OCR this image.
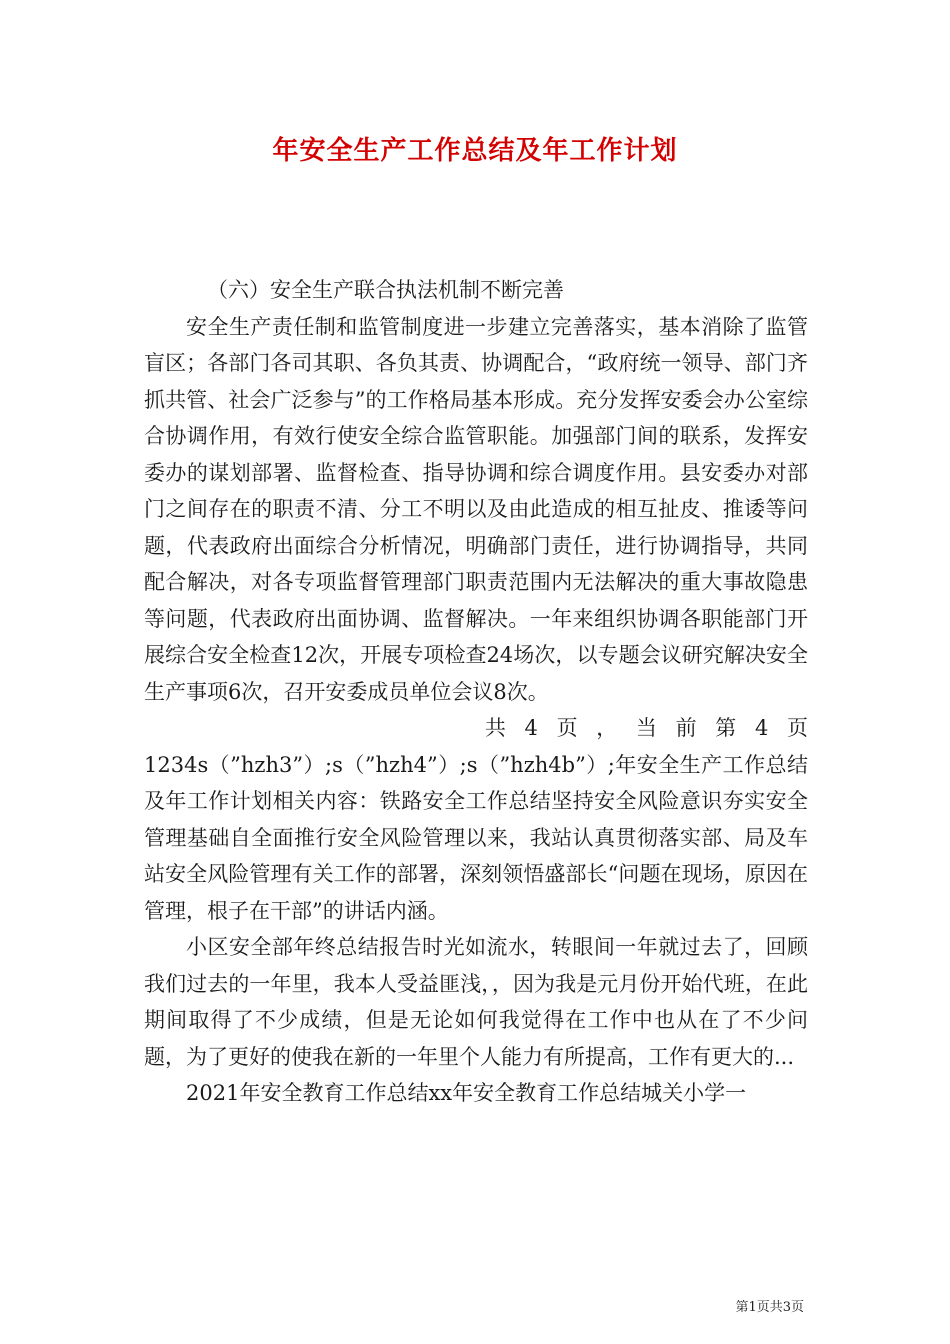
年安全生产工作总结及年工作计划

（六）安全生产联合执法机制不断完善

安全生产责任制和监管制度进一步建立完善落实，基本消除了监管盲区；各部门各司其职、各负其责、协调配合，“政府统一领导、部门齐抓共管、社会广泛参与”的工作格局基本形成。充分发挥安委会办公室综合协调作用，有效行使安全综合监管职能。加强部门间的联系，发挥安委办的谋划部署、监督检查、指导协调和综合调度作用。县安委办对部门之间存在的职责不清、分工不明以及由此造成的相互扯皮、推诿等问题，代表政府出面综合分析情况，明确部门责任，进行协调指导，共同配合解决，对各专项监督管理部门职责范围内无法解决的重大事故隐患等问题，代表政府出面协调、监督解决。一年来组织协调各职能部门开展综合安全检查12次，开展专项检查24场次，以专题会议研究解决安全生产事项6次，召开安委成员单位会议8次。

共 4 页 ， 当 前 第 4 页

1234s（”hzh3”）;s（”hzh4”）;s（”hzh4b”）;年安全生产工作总结及年工作计划相关内容：铁路安全工作总结坚持安全风险意识夯实安全管理基础自全面推行安全风险管理以来，我站认真贯彻落实部、局及车站安全风险管理有关工作的部署，深刻领悟盛部长“问题在现场，原因在管理，根子在干部”的讲话内涵。

小区安全部年终总结报告时光如流水，转眼间一年就过去了，回顾我们过去的一年里，我本人受益匪浅，，因为我是元月份开始代班，在此期间取得了不少成绩，但是无论如何我觉得在工作中也从在了不少问题，为了更好的使我在新的一年里个人能力有所提高，工作有更大的...

2021年安全教育工作总结xx年安全教育工作总结城关小学一

第1页共3页
